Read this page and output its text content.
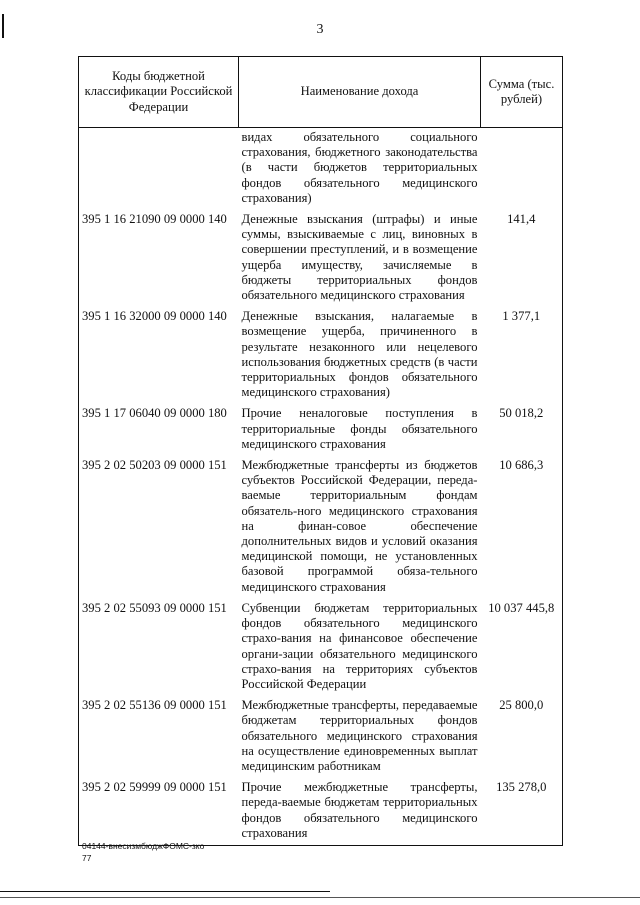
3
Коды бюджетной классификации Российской Федерации	Наименование дохода	Сумма (тыс. рублей)
	видах обязательного социального страхования, бюджетного законодательства (в части бюджетов территориальных фондов обязательного медицинского страхования)	
395 1 16 21090 09 0000 140	Денежные взыскания (штрафы) и иные суммы, взыскиваемые с лиц, виновных в совершении преступлений, и в возмещение ущерба имуществу, зачисляемые в бюджеты территориальных фондов обязательного медицинского страхования	141,4
395 1 16 32000 09 0000 140	Денежные взыскания, налагаемые в возмещение ущерба, причиненного в результате незаконного или нецелевого использования бюджетных средств (в части территориальных фондов обязательного медицинского страхования)	1 377,1
395 1 17 06040 09 0000 180	Прочие неналоговые поступления в территориальные фонды обязательного медицинского страхования	50 018,2
395 2 02 50203 09 0000 151	Межбюджетные трансферты из бюджетов субъектов Российской Федерации, передаваемые территориальным фондам обязатель-ного медицинского страхования на финан-совое обеспечение дополнительных видов и условий оказания медицинской помощи, не установленных базовой программой обяза-тельного медицинского страхования	10 686,3
395 2 02 55093 09 0000 151	Субвенции бюджетам территориальных фондов обязательного медицинского страхо-вания на финансовое обеспечение органи-зации обязательного медицинского страхо-вания на территориях субъектов Российской Федерации	10 037 445,8
395 2 02 55136 09 0000 151	Межбюджетные трансферты, передаваемые бюджетам территориальных фондов обязательного медицинского страхования на осуществление единовременных выплат медицинским работникам	25 800,0
395 2 02 59999 09 0000 151	Прочие межбюджетные трансферты, переда-ваемые бюджетам территориальных фондов обязательного медицинского страхования	135 278,0
04144-внесизмбюджФОМС-зко
77
